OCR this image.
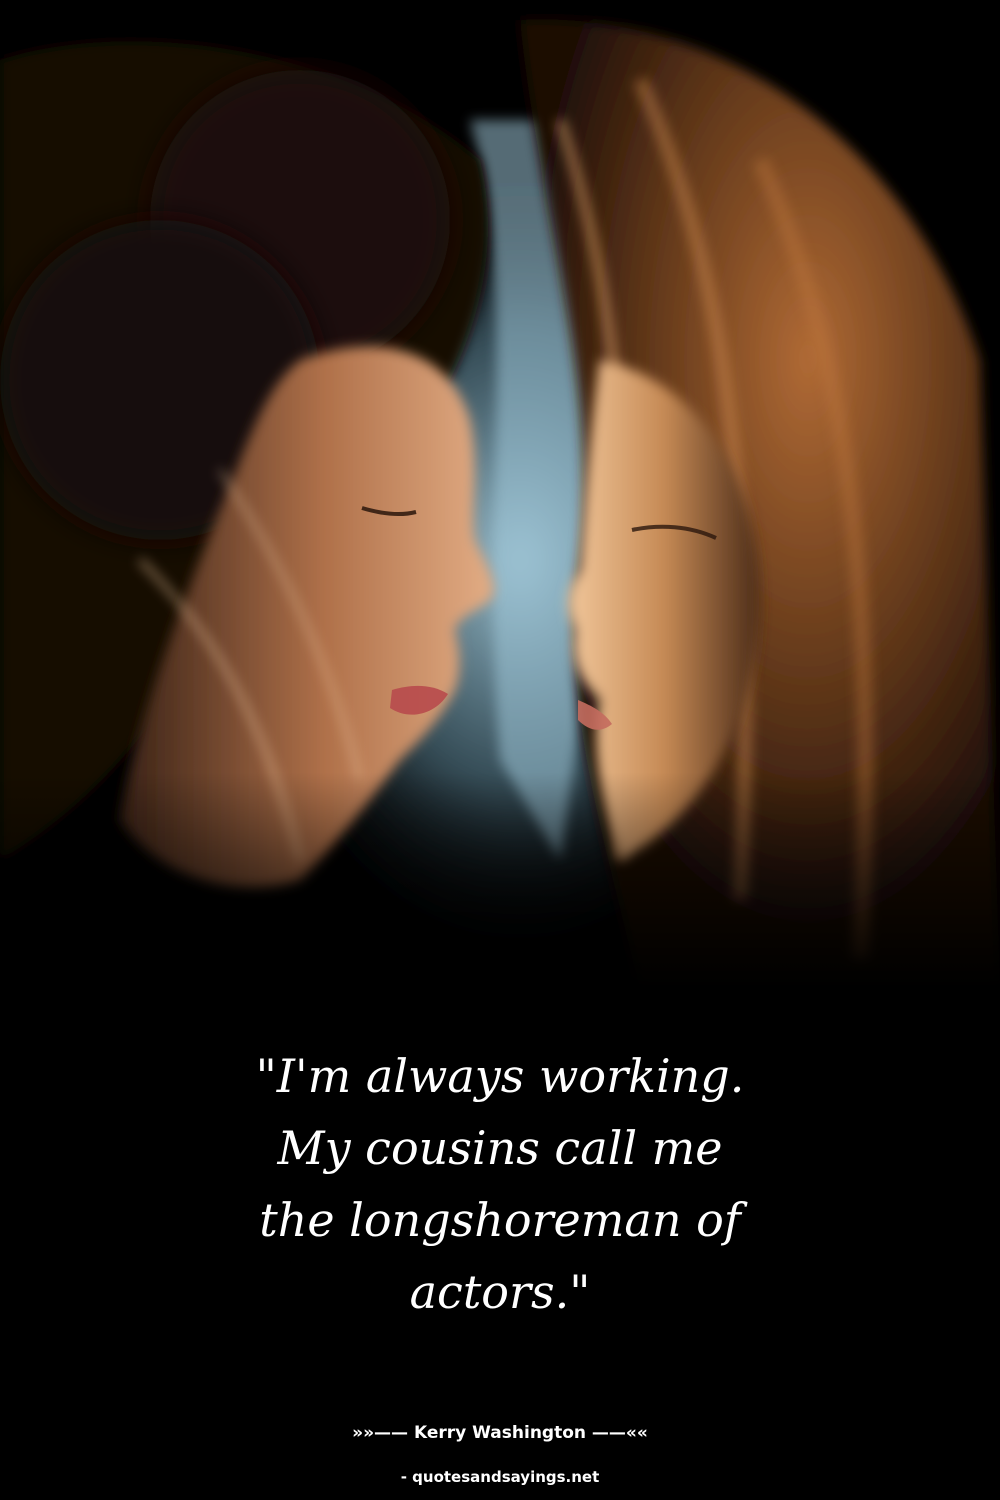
"I'm always working.
My cousins call me
the longshoreman of
actors."

»»—— Kerry Washington ——««
- quotesandsayings.net
